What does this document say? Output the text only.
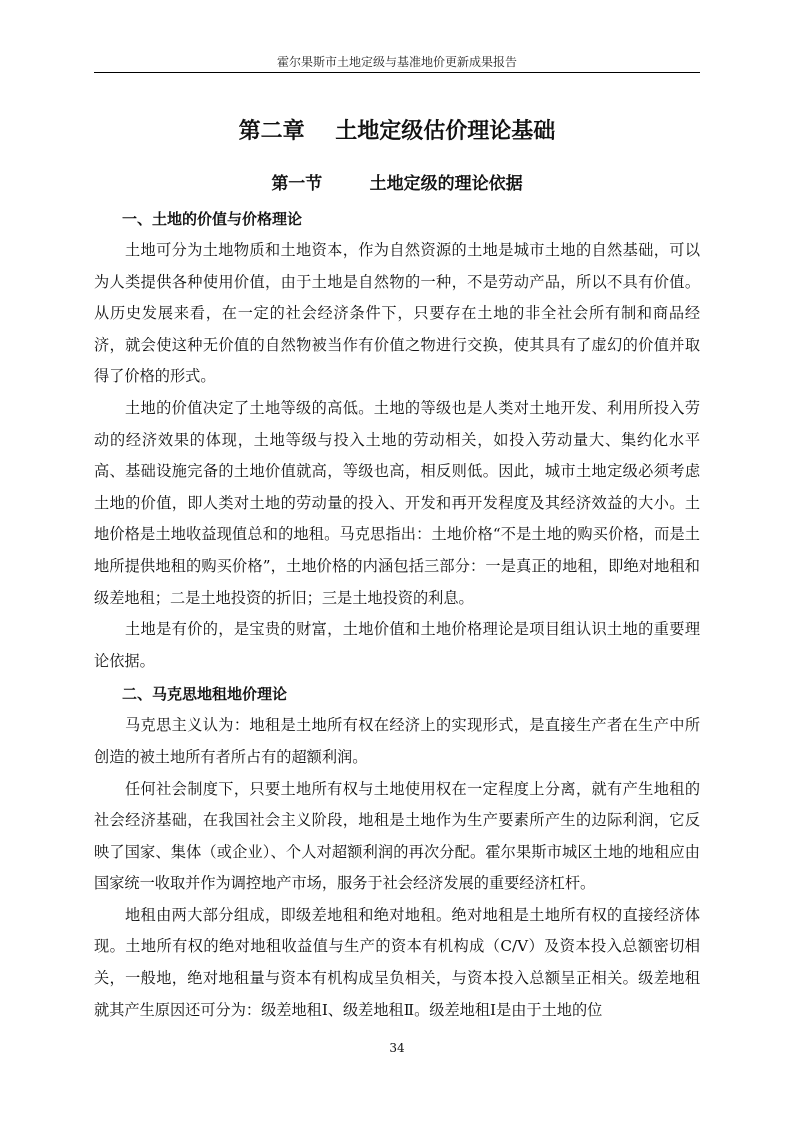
霍尔果斯市土地定级与基准地价更新成果报告
第二章    土地定级估价理论基础
第一节        土地定级的理论依据
一、土地的价值与价格理论

土地可分为土地物质和土地资本，作为自然资源的土地是城市土地的自然基础，可以为人类提供各种使用价值，由于土地是自然物的一种，不是劳动产品，所以不具有价值。从历史发展来看，在一定的社会经济条件下，只要存在土地的非全社会所有制和商品经济，就会使这种无价值的自然物被当作有价值之物进行交换，使其具有了虚幻的价值并取得了价格的形式。

土地的价值决定了土地等级的高低。土地的等级也是人类对土地开发、利用所投入劳动的经济效果的体现，土地等级与投入土地的劳动相关，如投入劳动量大、集约化水平高、基础设施完备的土地价值就高，等级也高，相反则低。因此，城市土地定级必须考虑土地的价值，即人类对土地的劳动量的投入、开发和再开发程度及其经济效益的大小。土地价格是土地收益现值总和的地租。马克思指出：土地价格“不是土地的购买价格，而是土地所提供地租的购买价格”，土地价格的内涵包括三部分：一是真正的地租，即绝对地租和级差地租；二是土地投资的折旧；三是土地投资的利息。

土地是有价的，是宝贵的财富，土地价值和土地价格理论是项目组认识土地的重要理论依据。

二、马克思地租地价理论

马克思主义认为：地租是土地所有权在经济上的实现形式，是直接生产者在生产中所创造的被土地所有者所占有的超额利润。

任何社会制度下，只要土地所有权与土地使用权在一定程度上分离，就有产生地租的社会经济基础，在我国社会主义阶段，地租是土地作为生产要素所产生的边际利润，它反映了国家、集体（或企业）、个人对超额利润的再次分配。霍尔果斯市城区土地的地租应由国家统一收取并作为调控地产市场，服务于社会经济发展的重要经济杠杆。

地租由两大部分组成，即级差地租和绝对地租。绝对地租是土地所有权的直接经济体现。土地所有权的绝对地租收益值与生产的资本有机构成（C/V）及资本投入总额密切相关，一般地，绝对地租量与资本有机构成呈负相关，与资本投入总额呈正相关。级差地租就其产生原因还可分为：级差地租Ⅰ、级差地租Ⅱ。级差地租Ⅰ是由于土地的位

34
